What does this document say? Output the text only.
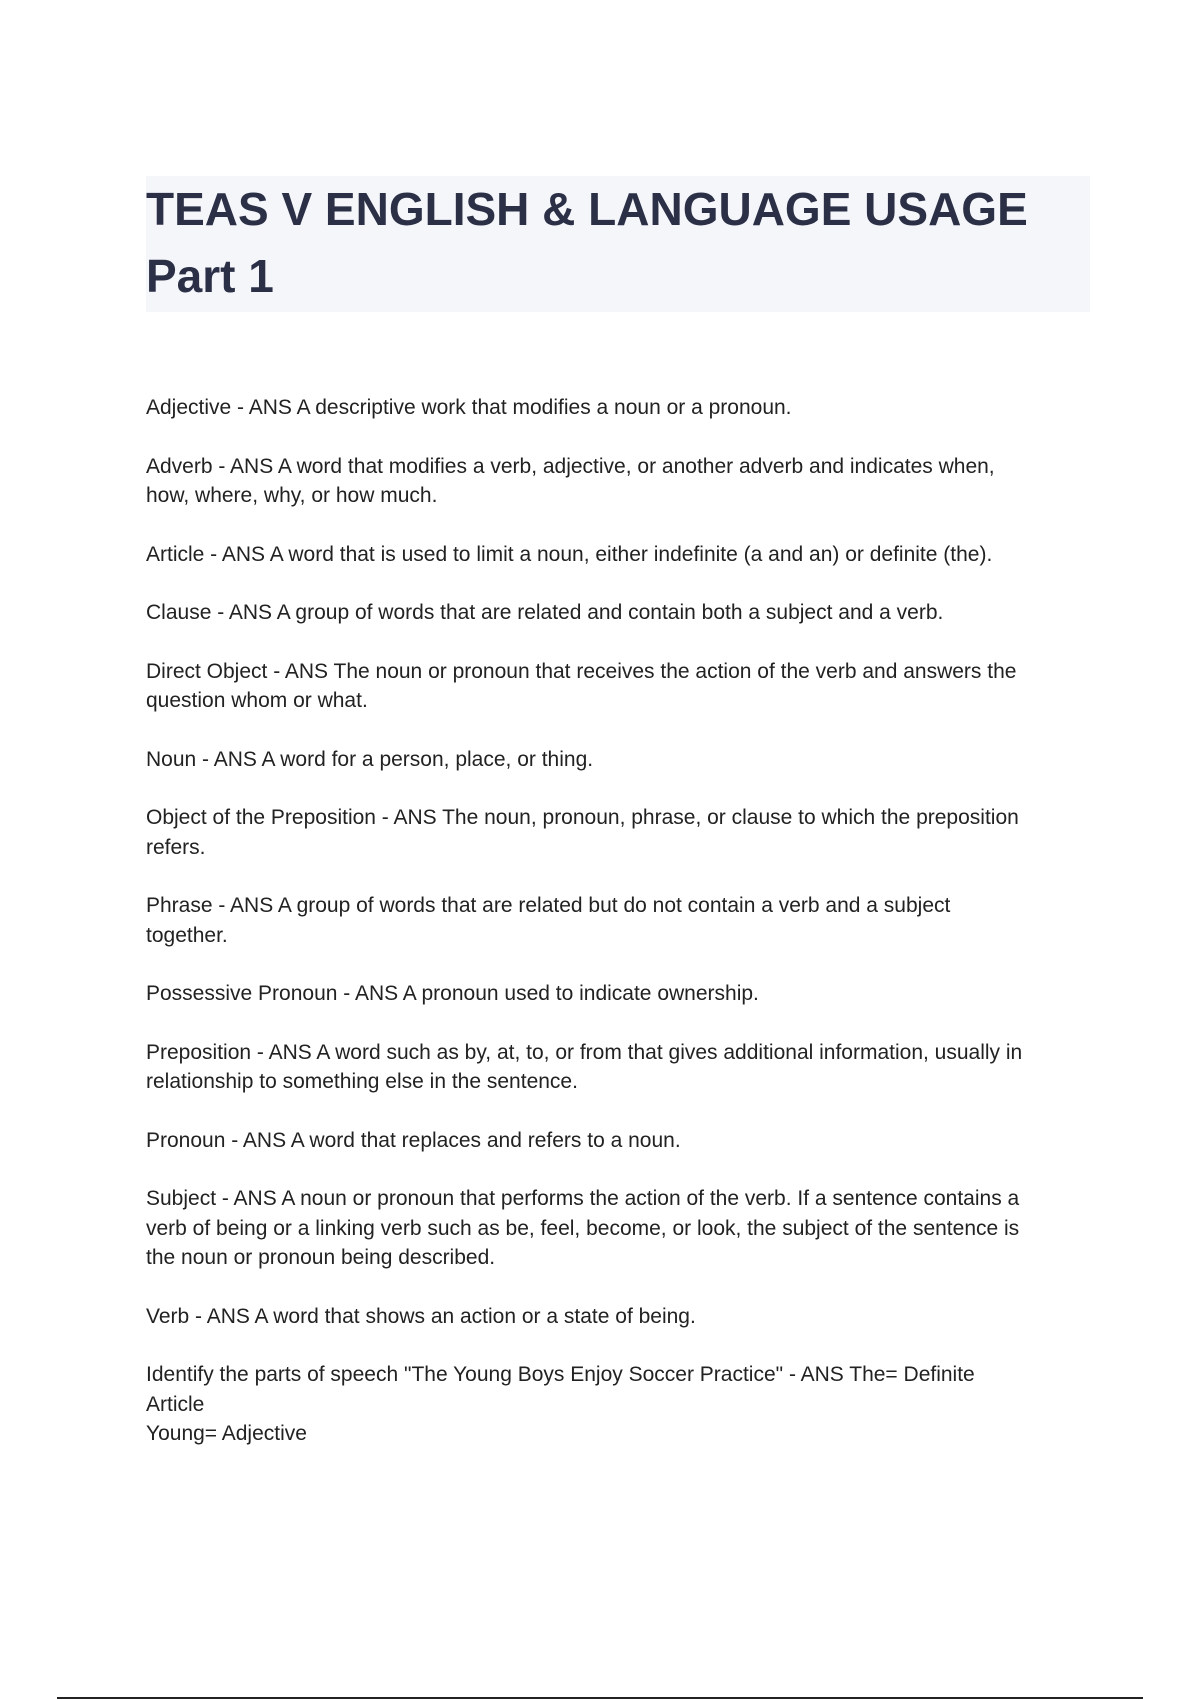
TEAS V ENGLISH & LANGUAGE USAGE
Part 1

Adjective - ANS A descriptive work that modifies a noun or a pronoun.

Adverb - ANS A word that modifies a verb, adjective, or another adverb and indicates when,
how, where, why, or how much.

Article - ANS A word that is used to limit a noun, either indefinite (a and an) or definite (the).

Clause - ANS A group of words that are related and contain both a subject and a verb.

Direct Object - ANS The noun or pronoun that receives the action of the verb and answers the
question whom or what.

Noun - ANS A word for a person, place, or thing.

Object of the Preposition - ANS The noun, pronoun, phrase, or clause to which the preposition
refers.

Phrase - ANS A group of words that are related but do not contain a verb and a subject
together.

Possessive Pronoun - ANS A pronoun used to indicate ownership.

Preposition - ANS A word such as by, at, to, or from that gives additional information, usually in
relationship to something else in the sentence.

Pronoun - ANS A word that replaces and refers to a noun.

Subject - ANS A noun or pronoun that performs the action of the verb. If a sentence contains a
verb of being or a linking verb such as be, feel, become, or look, the subject of the sentence is
the noun or pronoun being described.

Verb - ANS A word that shows an action or a state of being.

Identify the parts of speech "The Young Boys Enjoy Soccer Practice" - ANS The= Definite
Article
Young= Adjective
